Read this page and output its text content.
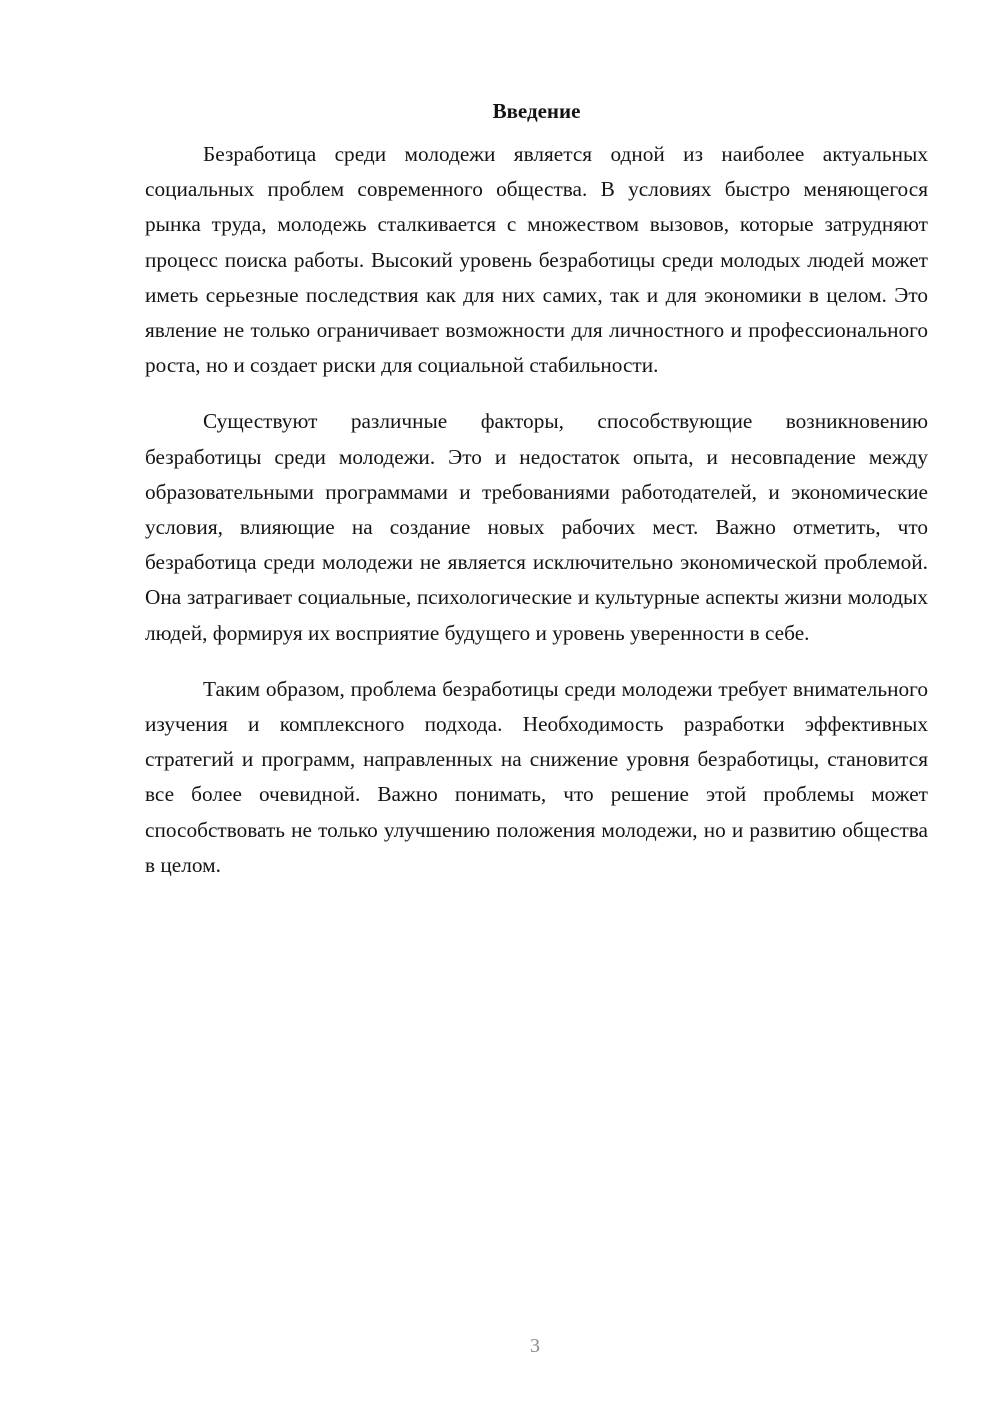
Введение

Безработица среди молодежи является одной из наиболее актуальных социальных проблем современного общества. В условиях быстро меняющегося рынка труда, молодежь сталкивается с множеством вызовов, которые затрудняют процесс поиска работы. Высокий уровень безработицы среди молодых людей может иметь серьезные последствия как для них самих, так и для экономики в целом. Это явление не только ограничивает возможности для личностного и профессионального роста, но и создает риски для социальной стабильности.

Существуют различные факторы, способствующие возникновению безработицы среди молодежи. Это и недостаток опыта, и несовпадение между образовательными программами и требованиями работодателей, и экономические условия, влияющие на создание новых рабочих мест. Важно отметить, что безработица среди молодежи не является исключительно экономической проблемой. Она затрагивает социальные, психологические и культурные аспекты жизни молодых людей, формируя их восприятие будущего и уровень уверенности в себе.

Таким образом, проблема безработицы среди молодежи требует внимательного изучения и комплексного подхода. Необходимость разработки эффективных стратегий и программ, направленных на снижение уровня безработицы, становится все более очевидной. Важно понимать, что решение этой проблемы может способствовать не только улучшению положения молодежи, но и развитию общества в целом.

3
